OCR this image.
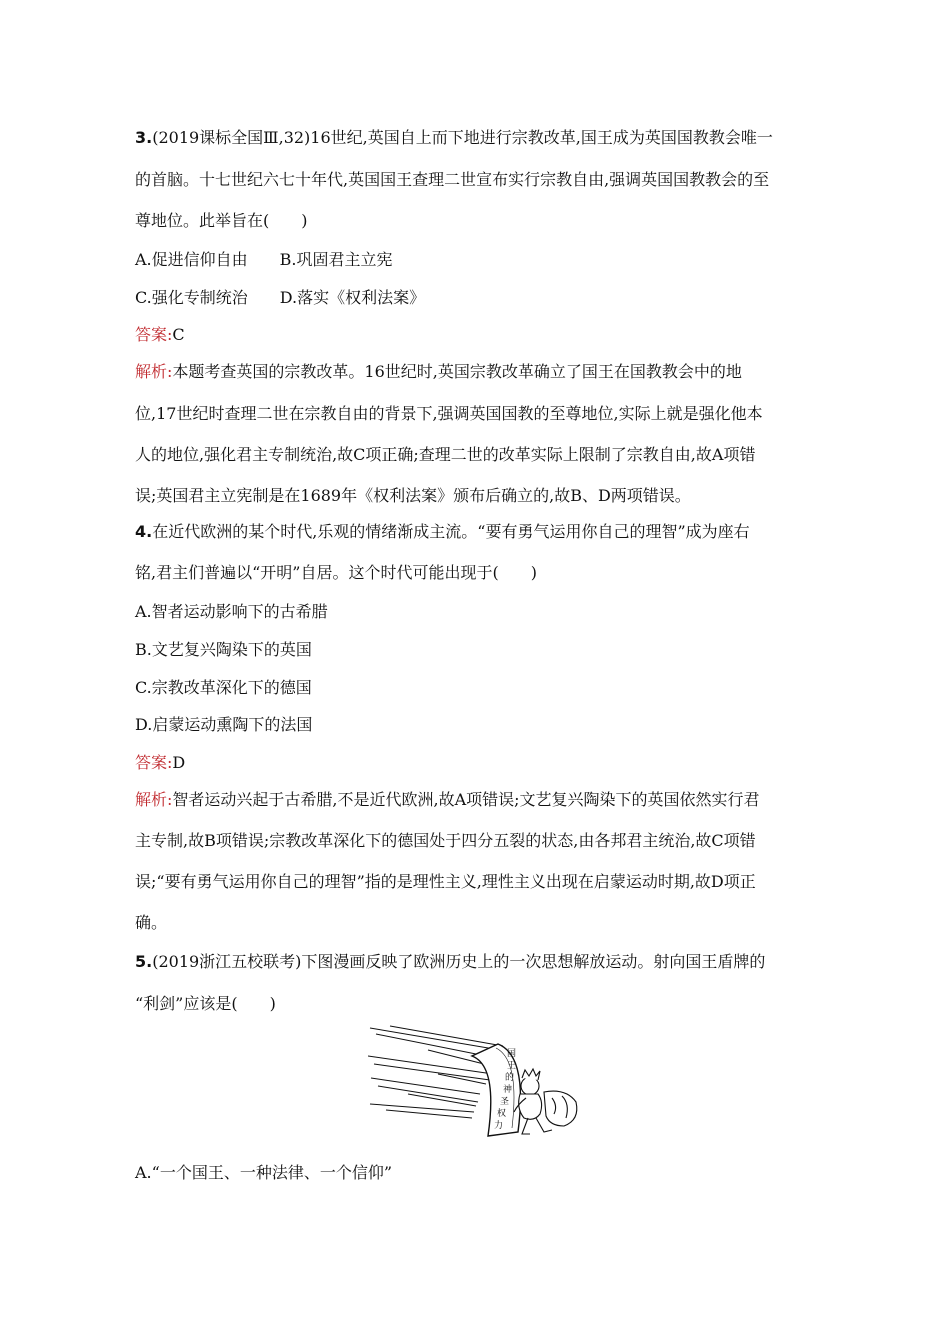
3.(2019课标全国Ⅲ,32)16世纪,英国自上而下地进行宗教改革,国王成为英国国教教会唯一
的首脑。十七世纪六七十年代,英国国王查理二世宣布实行宗教自由,强调英国国教教会的至
尊地位。此举旨在(　　)
A.促进信仰自由　　B.巩固君主立宪
C.强化专制统治　　D.落实《权利法案》
答案:C
解析:本题考查英国的宗教改革。16世纪时,英国宗教改革确立了国王在国教教会中的地
位,17世纪时查理二世在宗教自由的背景下,强调英国国教的至尊地位,实际上就是强化他本
人的地位,强化君主专制统治,故C项正确;查理二世的改革实际上限制了宗教自由,故A项错
误;英国君主立宪制是在1689年《权利法案》颁布后确立的,故B、D两项错误。
4.在近代欧洲的某个时代,乐观的情绪渐成主流。“要有勇气运用你自己的理智”成为座右
铭,君主们普遍以“开明”自居。这个时代可能出现于(　　)
A.智者运动影响下的古希腊
B.文艺复兴陶染下的英国
C.宗教改革深化下的德国
D.启蒙运动熏陶下的法国
答案:D
解析:智者运动兴起于古希腊,不是近代欧洲,故A项错误;文艺复兴陶染下的英国依然实行君
主专制,故B项错误;宗教改革深化下的德国处于四分五裂的状态,由各邦君主统治,故C项错
误;“要有勇气运用你自己的理智”指的是理性主义,理性主义出现在启蒙运动时期,故D项正
确。
5.(2019浙江五校联考)下图漫画反映了欧洲历史上的一次思想解放运动。射向国王盾牌的
“利剑”应该是(　　)
国
王
的
神
圣
权
力
A.“一个国王、一种法律、一个信仰”
